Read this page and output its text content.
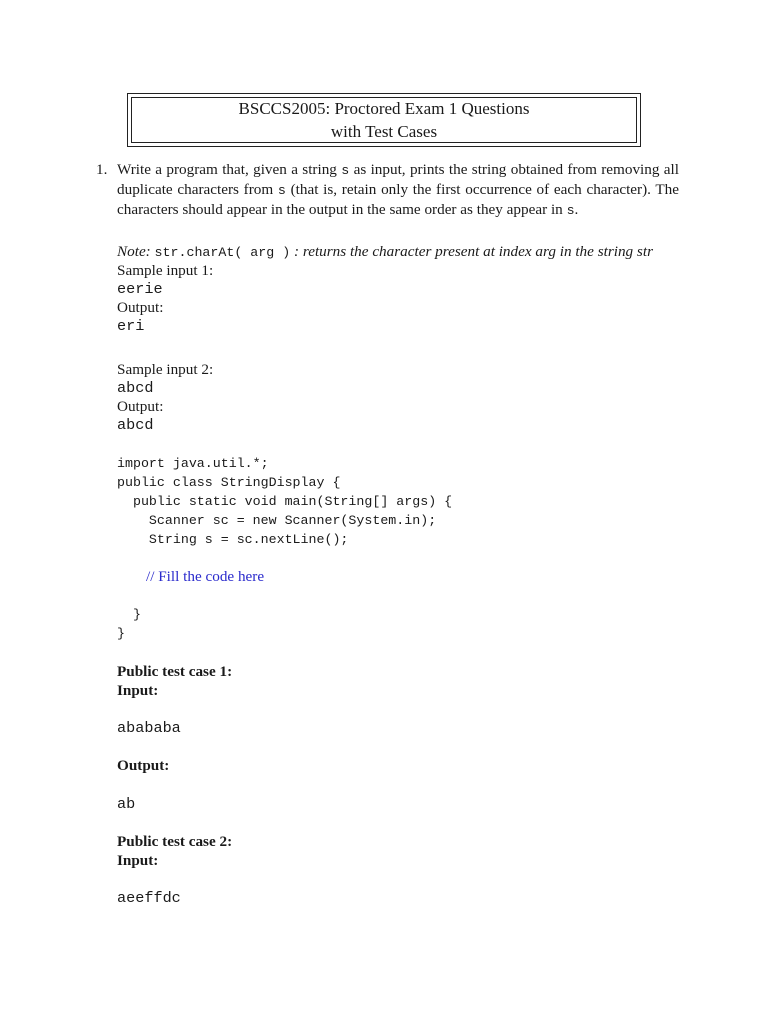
BSCCS2005: Proctored Exam 1 Questions
with Test Cases
1. Write a program that, given a string s as input, prints the string obtained from removing all duplicate characters from s (that is, retain only the first occurrence of each character). The characters should appear in the output in the same order as they appear in s.
Note: str.charAt( arg ) : returns the character present at index arg in the string str
Sample input 1:
eerie
Output:
eri
Sample input 2:
abcd
Output:
abcd
import java.util.*;
public class StringDisplay {
public static void main(String[] args) {
Scanner sc = new Scanner(System.in);
String s = sc.nextLine();
// Fill the code here
}
}
Public test case 1:
Input:
abababa
Output:
ab
Public test case 2:
Input:
aeeffdc
